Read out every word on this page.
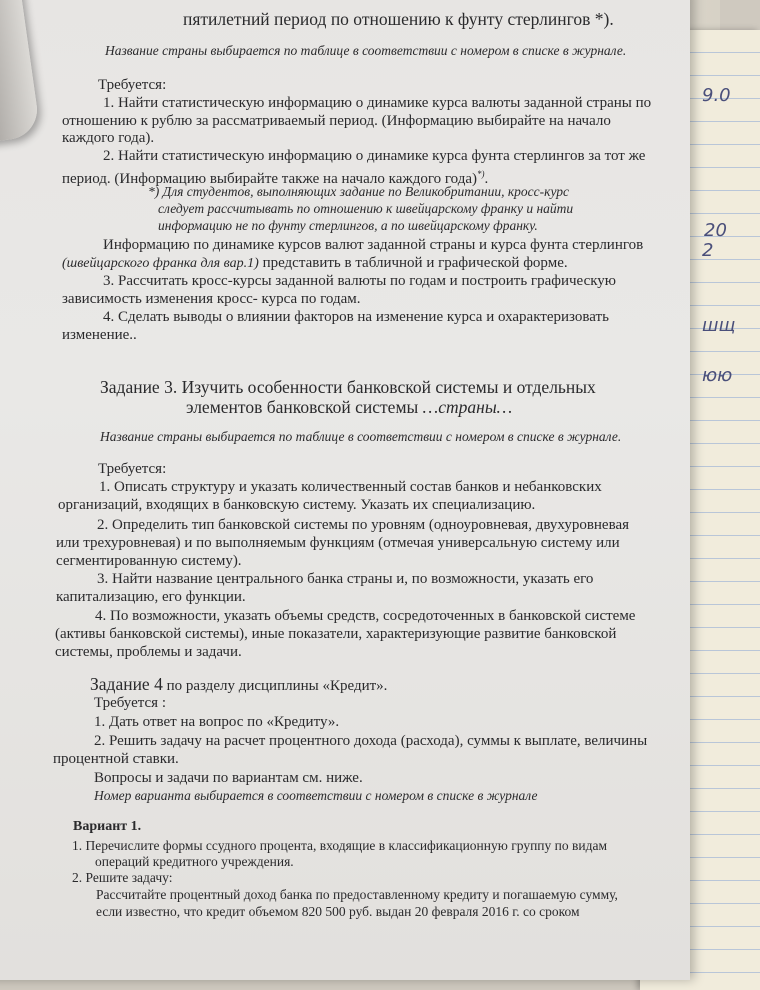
9.0
2
шщ
юю
20
пятилетний период по отношению к фунту стерлингов *).
Название страны выбирается по таблице в соответствии с номером в списке в журнале.
Требуется:
1. Найти статистическую информацию о динамике курса валюты заданной страны по
отношению к рублю за рассматриваемый период. (Информацию выбирайте на начало
каждого года).
2. Найти статистическую информацию о динамике курса фунта стерлингов за тот же
период. (Информацию выбирайте также на начало каждого года)*).
*) Для студентов, выполняющих задание по Великобритании, кросс-курс
следует рассчитывать по отношению к швейцарскому франку и найти
информацию не по фунту стерлингов, а по швейцарскому франку.
Информацию по динамике курсов валют заданной страны и курса фунта стерлингов
(швейцарского франка для вар.1) представить в табличной и графической форме.
3. Рассчитать кросс-курсы заданной валюты по годам и построить графическую
зависимость изменения кросс- курса по годам.
4. Сделать выводы о влиянии факторов на изменение курса и охарактеризовать
изменение..
Задание 3. Изучить особенности банковской системы и отдельных
элементов банковской системы …страны…
Название страны выбирается по таблице в соответствии с номером в списке в журнале.
Требуется:
1. Описать структуру и указать количественный состав банков и небанковских
организаций, входящих в банковскую систему. Указать их специализацию.
2. Определить тип банковской системы по уровням (одноуровневая, двухуровневая
или трехуровневая) и по выполняемым функциям (отмечая универсальную систему или
сегментированную систему).
3. Найти название центрального банка страны и, по возможности, указать его
капитализацию, его функции.
4. По возможности, указать объемы средств, сосредоточенных в банковской системе
(активы банковской системы), иные показатели, характеризующие развитие банковской
системы, проблемы и задачи.
Задание 4 по разделу дисциплины «Кредит».
Требуется :
1. Дать ответ на вопрос по «Кредиту».
2. Решить задачу на расчет процентного дохода (расхода), суммы к выплате, величины
процентной ставки.
Вопросы и задачи по вариантам см. ниже.
Номер варианта выбирается в соответствии с номером в списке в журнале
Вариант 1.
1. Перечислите формы ссудного процента, входящие в классификационную группу по видам
операций кредитного учреждения.
2. Решите задачу:
Рассчитайте процентный доход банка по предоставленному кредиту и погашаемую сумму,
если известно, что кредит объемом 820 500 руб. выдан 20 февраля 2016 г. со сроком
